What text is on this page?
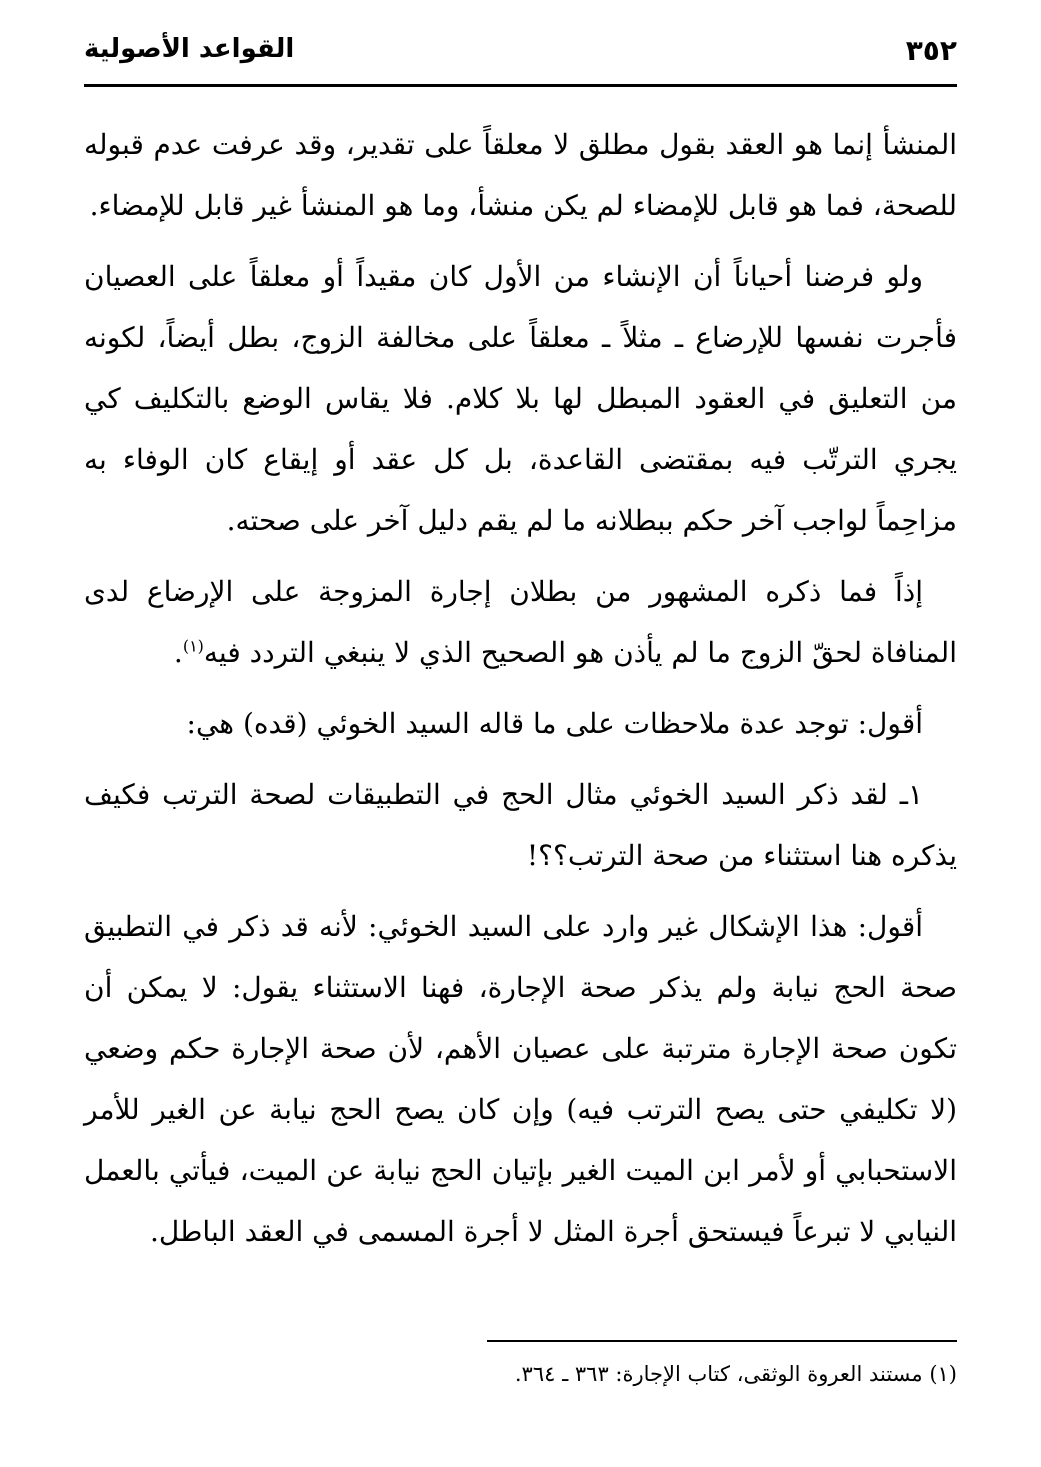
٣٥٢
القواعد الأصولية

المنشأ إنما هو العقد بقول مطلق لا معلقاً على تقدير، وقد عرفت عدم قبوله للصحة، فما هو قابل للإمضاء لم يكن منشأ، وما هو المنشأ غير قابل للإمضاء.

ولو فرضنا أحياناً أن الإنشاء من الأول كان مقيداً أو معلقاً على العصيان فأجرت نفسها للإرضاع ـ مثلاً ـ معلقاً على مخالفة الزوج، بطل أيضاً، لكونه من التعليق في العقود المبطل لها بلا كلام. فلا يقاس الوضع بالتكليف كي يجري الترتّب فيه بمقتضى القاعدة، بل كل عقد أو إيقاع كان الوفاء به مزاحِماً لواجب آخر حكم ببطلانه ما لم يقم دليل آخر على صحته.

إذاً فما ذكره المشهور من بطلان إجارة المزوجة على الإرضاع لدى المنافاة لحقّ الزوج ما لم يأذن هو الصحيح الذي لا ينبغي التردد فيه$^{(١)}$.

أقول: توجد عدة ملاحظات على ما قاله السيد الخوئي (قده) هي:

١ـ لقد ذكر السيد الخوئي مثال الحج في التطبيقات لصحة الترتب فكيف يذكره هنا استثناء من صحة الترتب؟؟!

أقول: هذا الإشكال غير وارد على السيد الخوئي: لأنه قد ذكر في التطبيق صحة الحج نيابة ولم يذكر صحة الإجارة، فهنا الاستثناء يقول: لا يمكن أن تكون صحة الإجارة مترتبة على عصيان الأهم، لأن صحة الإجارة حكم وضعي (لا تكليفي حتى يصح الترتب فيه) وإن كان يصح الحج نيابة عن الغير للأمر الاستحبابي أو لأمر ابن الميت الغير بإتيان الحج نيابة عن الميت، فيأتي بالعمل النيابي لا تبرعاً فيستحق أجرة المثل لا أجرة المسمى في العقد الباطل.

(١) مستند العروة الوثقى، كتاب الإجارة: ٣٦٣ ـ ٣٦٤.
